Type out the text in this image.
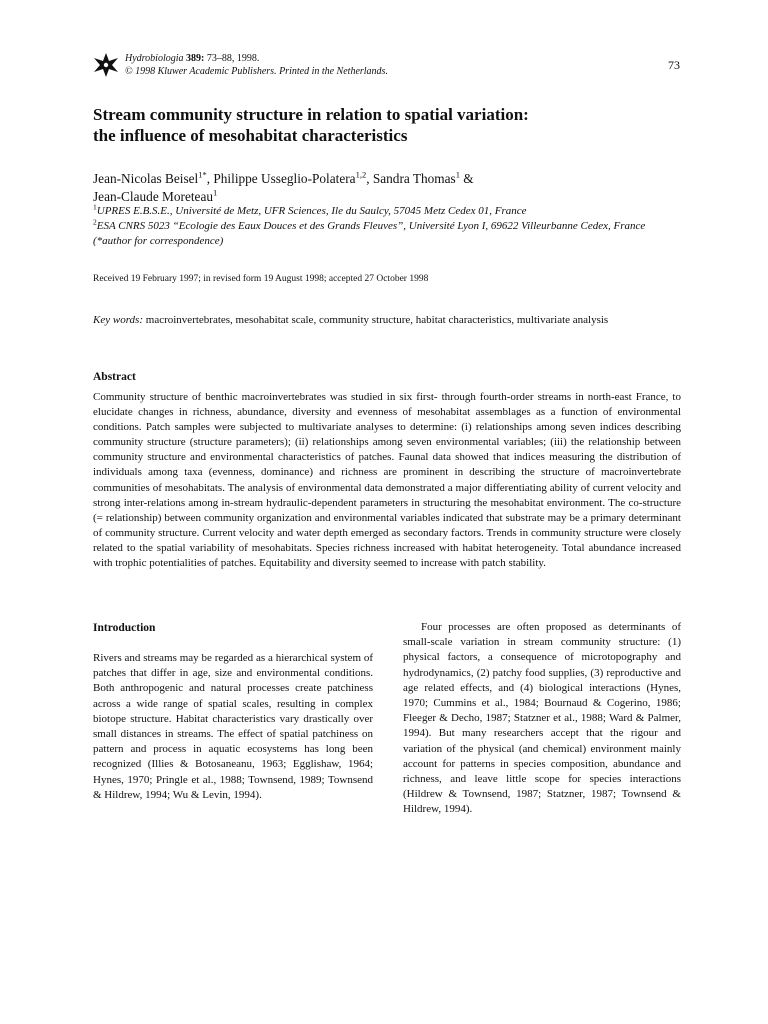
Hydrobiologia 389: 73–88, 1998.
© 1998 Kluwer Academic Publishers. Printed in the Netherlands.	73
Stream community structure in relation to spatial variation:
the influence of mesohabitat characteristics
Jean-Nicolas Beisel$^{1*}$, Philippe Usseglio-Polatera$^{1,2}$, Sandra Thomas$^1$ &
Jean-Claude Moreteau$^1$
$^1$UPRES E.B.S.E., Université de Metz, UFR Sciences, Ile du Saulcy, 57045 Metz Cedex 01, France
$^2$ESA CNRS 5023 “Ecologie des Eaux Douces et des Grands Fleuves”, Université Lyon I, 69622 Villeurbanne Cedex, France
(*author for correspondence)
Received 19 February 1997; in revised form 19 August 1998; accepted 27 October 1998
Key words: macroinvertebrates, mesohabitat scale, community structure, habitat characteristics, multivariate analysis
Abstract
Community structure of benthic macroinvertebrates was studied in six first- through fourth-order streams in north-east France, to elucidate changes in richness, abundance, diversity and evenness of mesohabitat assemblages as a function of environmental conditions. Patch samples were subjected to multivariate analyses to determine: (i) relationships among seven indices describing community structure (structure parameters); (ii) relationships among seven environmental variables; (iii) the relationship between community structure and environmental characteristics of patches. Faunal data showed that indices measuring the distribution of individuals among taxa (evenness, dominance) and richness are prominent in describing the structure of macroinvertebrate communities of mesohabitats. The analysis of environmental data demonstrated a major differentiating ability of current velocity and strong inter-relations among in-stream hydraulic-dependent parameters in structuring the mesohabitat environment. The co-structure (= relationship) between community organization and environmental variables indicated that substrate may be a primary determinant of community structure. Current velocity and water depth emerged as secondary factors. Trends in community structure were closely related to the spatial variability of mesohabitats. Species richness increased with habitat heterogeneity. Total abundance increased with trophic potentialities of patches. Equitability and diversity seemed to increase with patch stability.
Introduction
Rivers and streams may be regarded as a hierarchical system of patches that differ in age, size and environmental conditions. Both anthropogenic and natural processes create patchiness across a wide range of spatial scales, resulting in complex biotope structure. Habitat characteristics vary drastically over small distances in streams. The effect of spatial patchiness on pattern and process in aquatic ecosystems has long been recognized (Illies & Botosaneanu, 1963; Egglishaw, 1964; Hynes, 1970; Pringle et al., 1988; Townsend, 1989; Townsend & Hildrew, 1994; Wu & Levin, 1994).
Four processes are often proposed as determinants of small-scale variation in stream community structure: (1) physical factors, a consequence of microtopography and hydrodynamics, (2) patchy food supplies, (3) reproductive and age related effects, and (4) biological interactions (Hynes, 1970; Cummins et al., 1984; Bournaud & Cogerino, 1986; Fleeger & Decho, 1987; Statzner et al., 1988; Ward & Palmer, 1994). But many researchers accept that the rigour and variation of the physical (and chemical) environment mainly account for patterns in species composition, abundance and richness, and leave little scope for species interactions (Hildrew & Townsend, 1987; Statzner, 1987; Townsend & Hildrew, 1994).
